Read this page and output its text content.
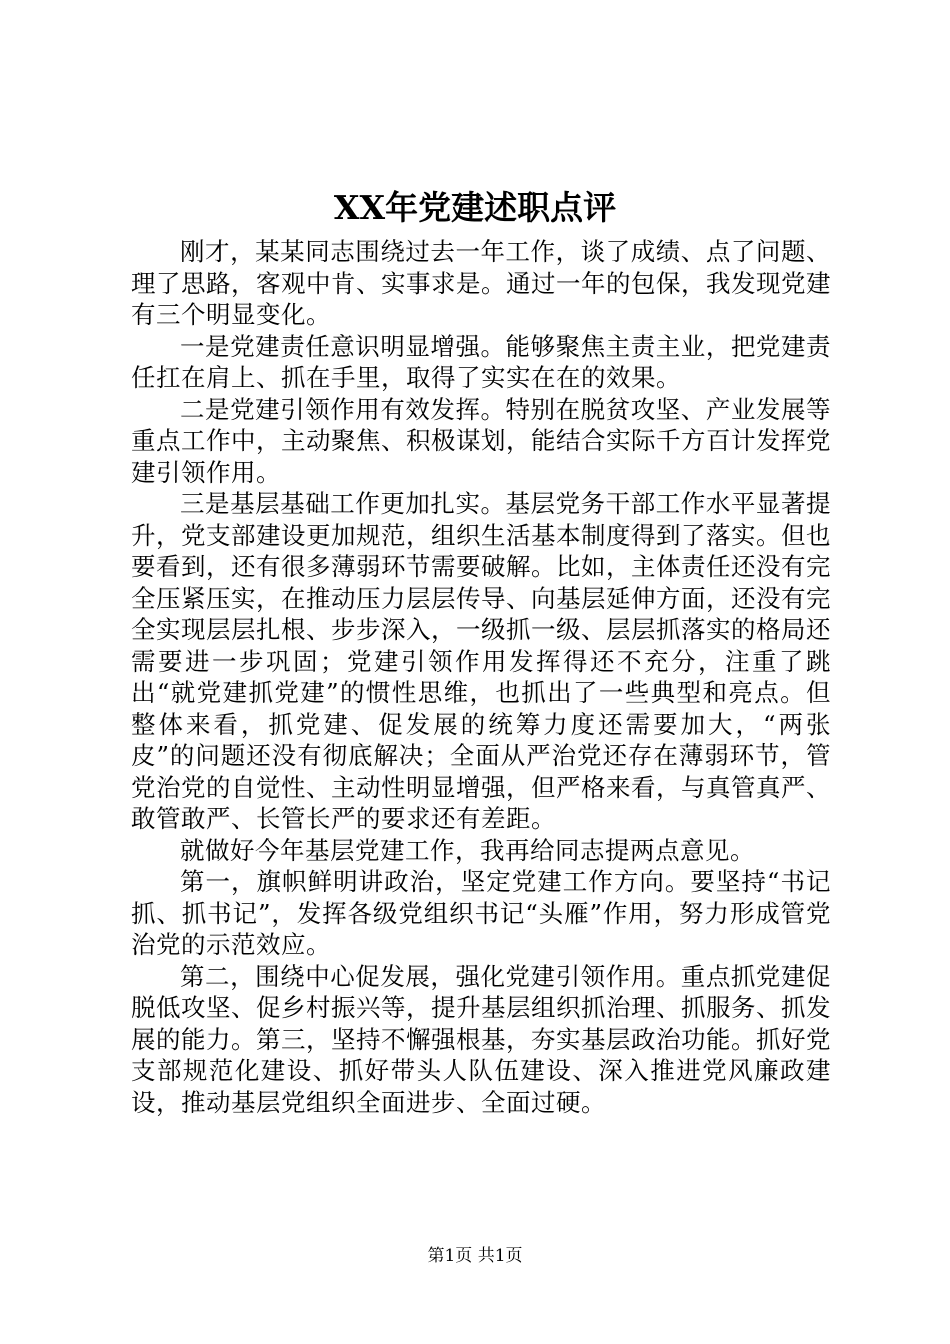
XX年党建述职点评

刚才，某某同志围绕过去一年工作，谈了成绩、点了问题、理了思路，客观中肯、实事求是。通过一年的包保，我发现党建有三个明显变化。

一是党建责任意识明显增强。能够聚焦主责主业，把党建责任扛在肩上、抓在手里，取得了实实在在的效果。

二是党建引领作用有效发挥。特别在脱贫攻坚、产业发展等重点工作中，主动聚焦、积极谋划，能结合实际千方百计发挥党建引领作用。

三是基层基础工作更加扎实。基层党务干部工作水平显著提升，党支部建设更加规范，组织生活基本制度得到了落实。但也要看到，还有很多薄弱环节需要破解。比如，主体责任还没有完全压紧压实，在推动压力层层传导、向基层延伸方面，还没有完全实现层层扎根、步步深入，一级抓一级、层层抓落实的格局还需要进一步巩固；党建引领作用发挥得还不充分，注重了跳出“就党建抓党建”的惯性思维，也抓出了一些典型和亮点。但整体来看，抓党建、促发展的统筹力度还需要加大，“两张皮”的问题还没有彻底解决；全面从严治党还存在薄弱环节，管党治党的自觉性、主动性明显增强，但严格来看，与真管真严、敢管敢严、长管长严的要求还有差距。

就做好今年基层党建工作，我再给同志提两点意见。

第一，旗帜鲜明讲政治，坚定党建工作方向。要坚持“书记抓、抓书记”，发挥各级党组织书记“头雁”作用，努力形成管党治党的示范效应。

第二，围绕中心促发展，强化党建引领作用。重点抓党建促脱低攻坚、促乡村振兴等，提升基层组织抓治理、抓服务、抓发展的能力。第三，坚持不懈强根基，夯实基层政治功能。抓好党支部规范化建设、抓好带头人队伍建设、深入推进党风廉政建设，推动基层党组织全面进步、全面过硬。

第1页 共1页
